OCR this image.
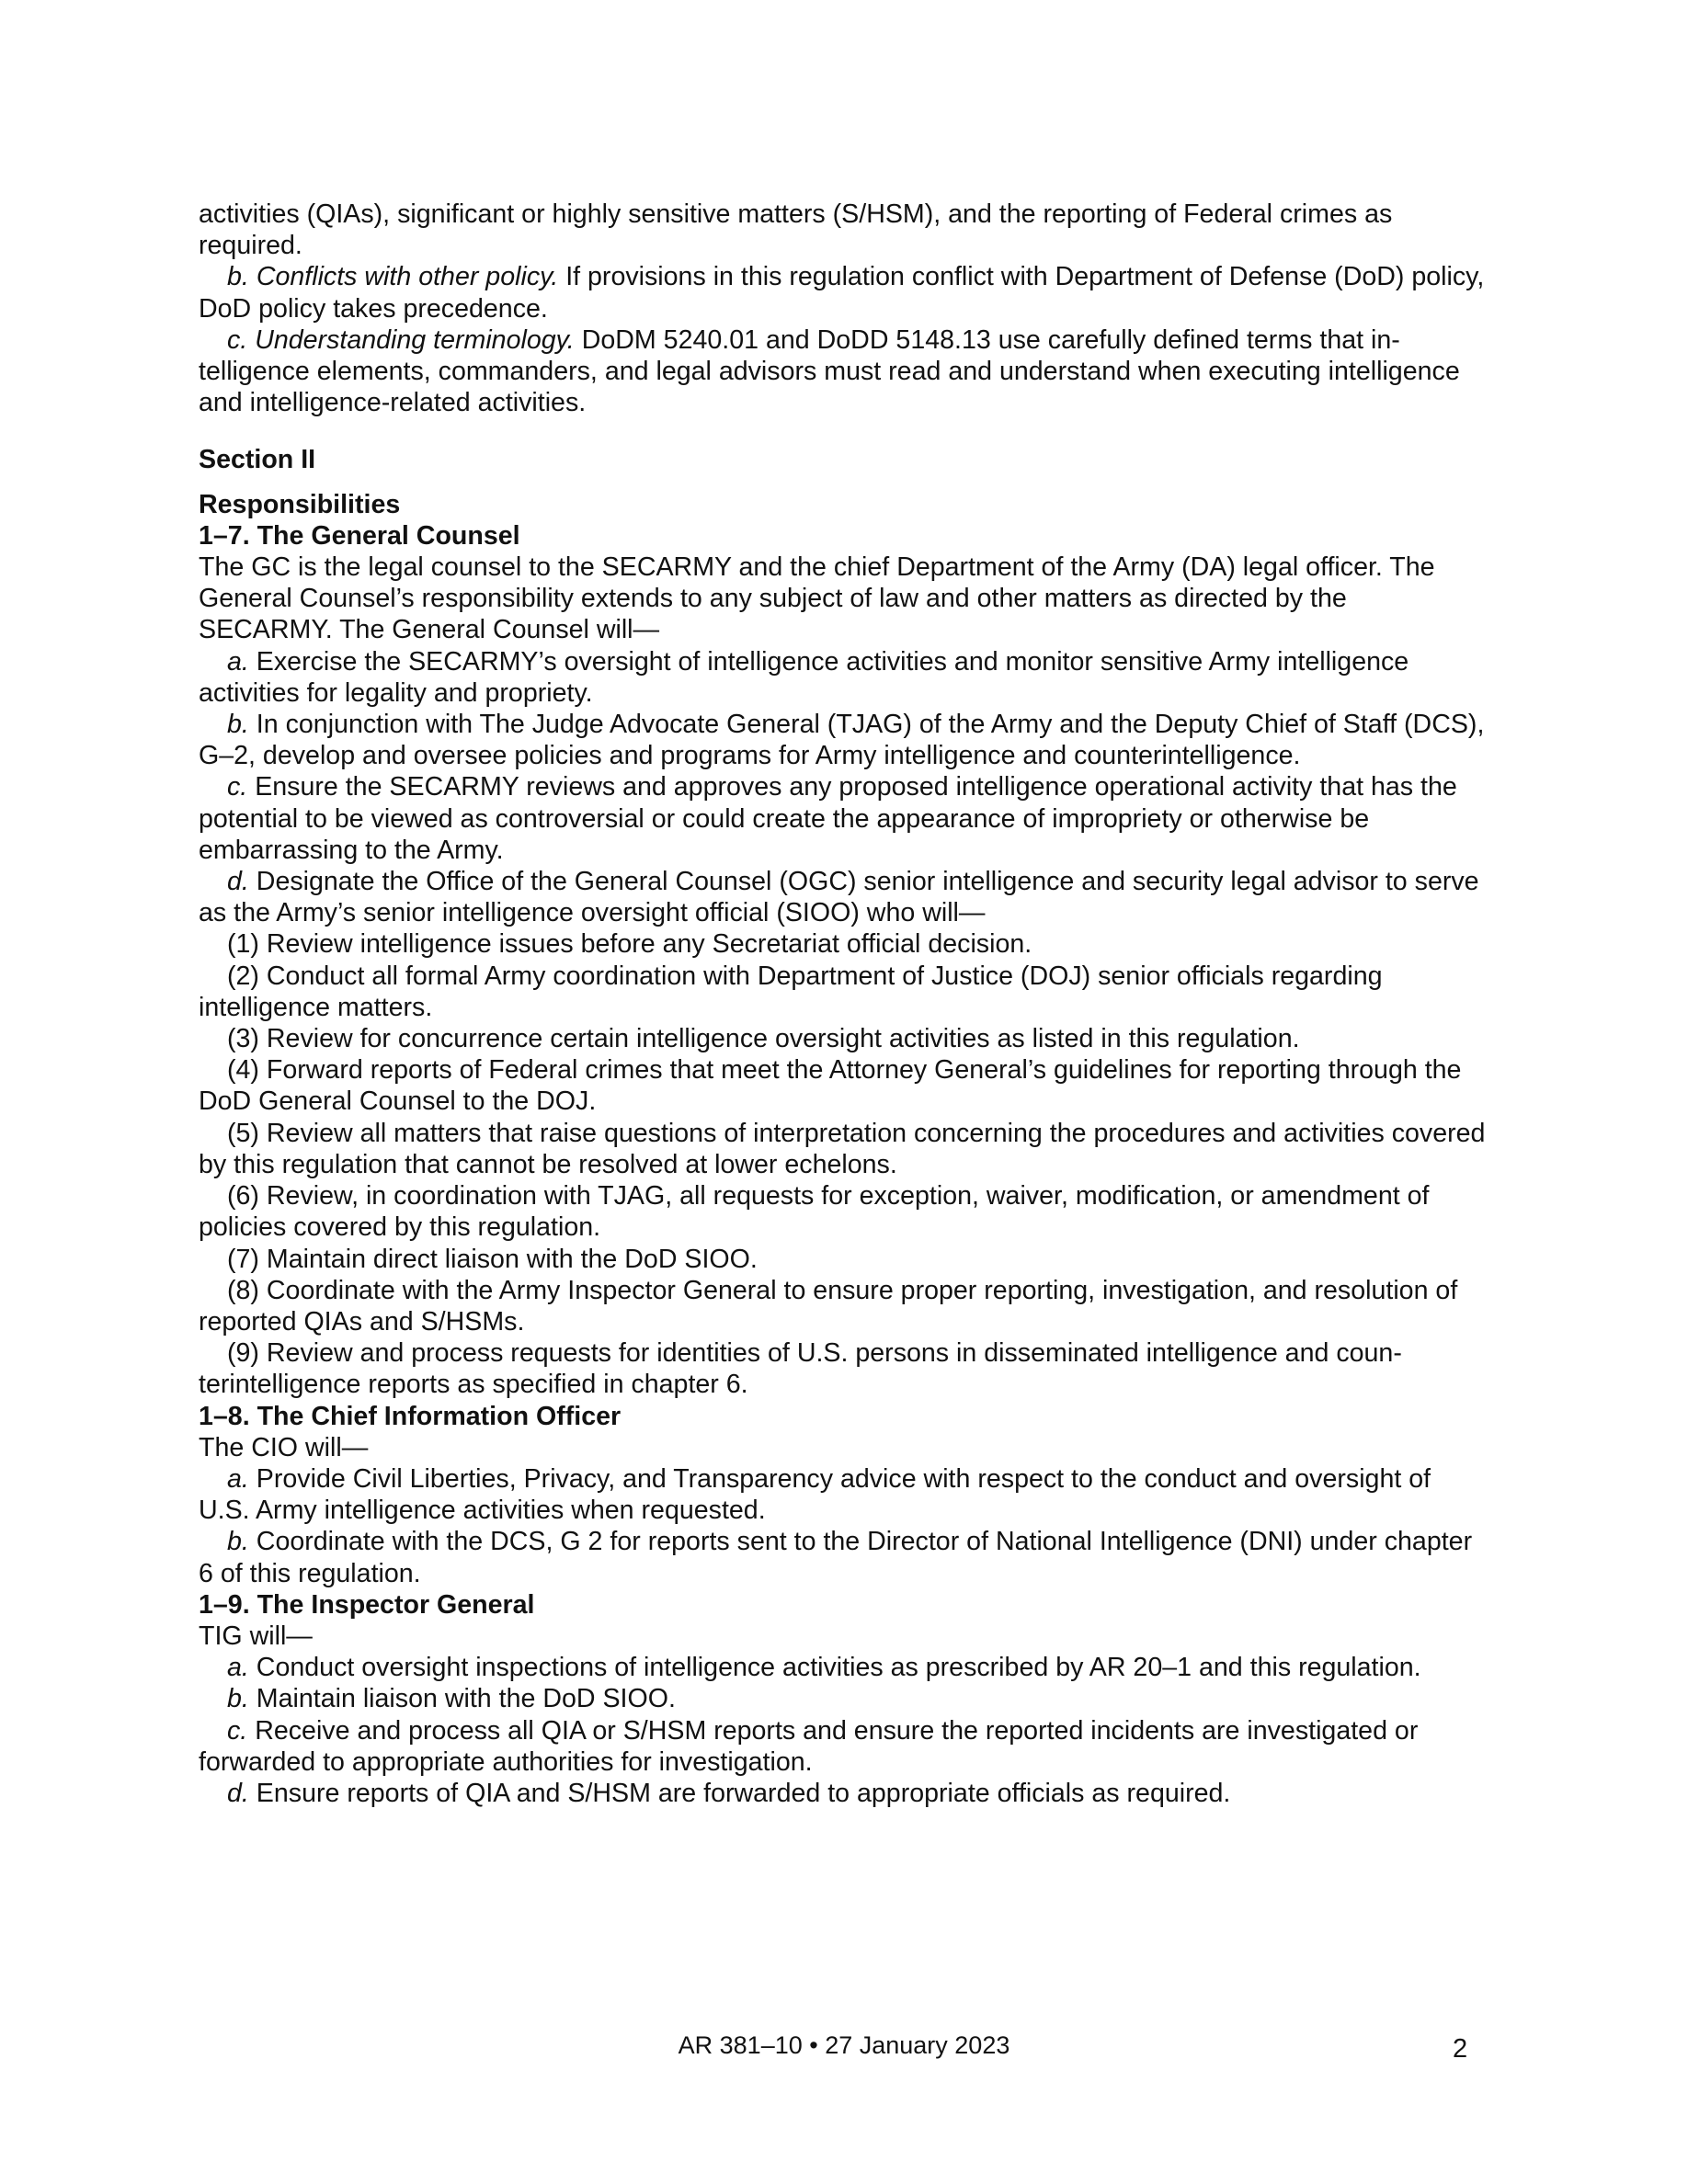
activities (QIAs), significant or highly sensitive matters (S/HSM), and the reporting of Federal crimes as required.

b. Conflicts with other policy. If provisions in this regulation conflict with Department of Defense (DoD) policy, DoD policy takes precedence.

c. Understanding terminology. DoDM 5240.01 and DoDD 5148.13 use carefully defined terms that intelligence elements, commanders, and legal advisors must read and understand when executing intelligence and intelligence-related activities.

Section II

Responsibilities

1–7. The General Counsel

The GC is the legal counsel to the SECARMY and the chief Department of the Army (DA) legal officer. The General Counsel’s responsibility extends to any subject of law and other matters as directed by the SECARMY. The General Counsel will—

a. Exercise the SECARMY’s oversight of intelligence activities and monitor sensitive Army intelligence activities for legality and propriety.

b. In conjunction with The Judge Advocate General (TJAG) of the Army and the Deputy Chief of Staff (DCS), G–2, develop and oversee policies and programs for Army intelligence and counterintelligence.

c. Ensure the SECARMY reviews and approves any proposed intelligence operational activity that has the potential to be viewed as controversial or could create the appearance of impropriety or otherwise be embarrassing to the Army.

d. Designate the Office of the General Counsel (OGC) senior intelligence and security legal advisor to serve as the Army’s senior intelligence oversight official (SIOO) who will—

(1) Review intelligence issues before any Secretariat official decision.

(2) Conduct all formal Army coordination with Department of Justice (DOJ) senior officials regarding intelligence matters.

(3) Review for concurrence certain intelligence oversight activities as listed in this regulation.

(4) Forward reports of Federal crimes that meet the Attorney General’s guidelines for reporting through the DoD General Counsel to the DOJ.

(5) Review all matters that raise questions of interpretation concerning the procedures and activities covered by this regulation that cannot be resolved at lower echelons.

(6) Review, in coordination with TJAG, all requests for exception, waiver, modification, or amendment of policies covered by this regulation.

(7) Maintain direct liaison with the DoD SIOO.

(8) Coordinate with the Army Inspector General to ensure proper reporting, investigation, and resolution of reported QIAs and S/HSMs.

(9) Review and process requests for identities of U.S. persons in disseminated intelligence and counterintelligence reports as specified in chapter 6.

1–8. The Chief Information Officer

The CIO will—

a. Provide Civil Liberties, Privacy, and Transparency advice with respect to the conduct and oversight of U.S. Army intelligence activities when requested.

b. Coordinate with the DCS, G 2 for reports sent to the Director of National Intelligence (DNI) under chapter 6 of this regulation.

1–9. The Inspector General

TIG will—

a. Conduct oversight inspections of intelligence activities as prescribed by AR 20–1 and this regulation.

b. Maintain liaison with the DoD SIOO.

c. Receive and process all QIA or S/HSM reports and ensure the reported incidents are investigated or forwarded to appropriate authorities for investigation.

d. Ensure reports of QIA and S/HSM are forwarded to appropriate officials as required.

AR 381–10 • 27 January 2023	2
